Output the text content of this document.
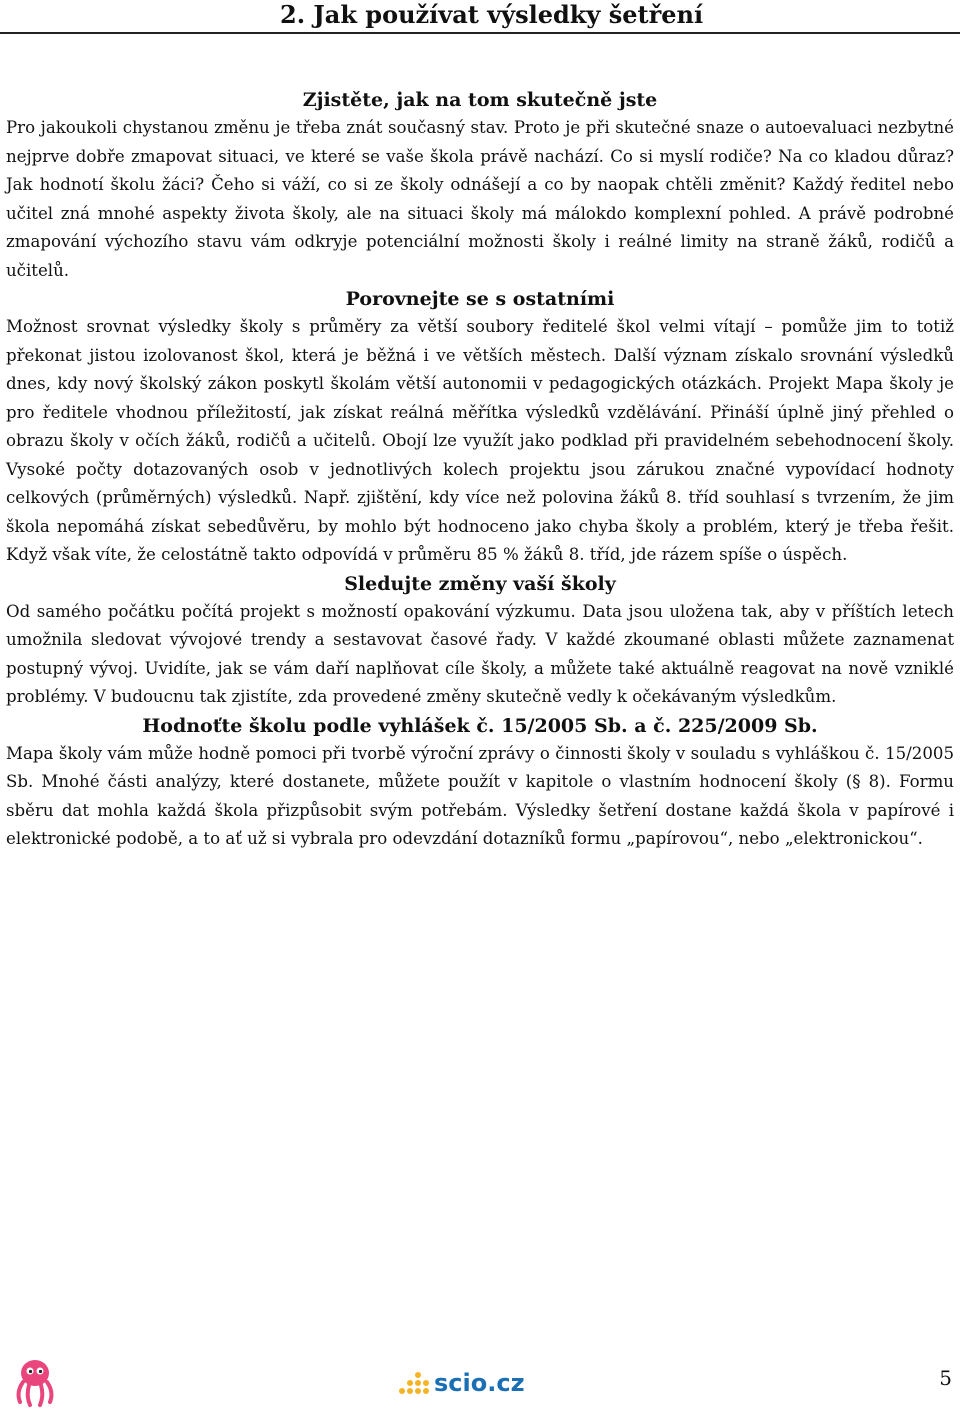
2. Jak používat výsledky šetření
Zjistěte, jak na tom skutečně jste

Pro jakoukoli chystanou změnu je třeba znát současný stav. Proto je při skutečné snaze o autoevaluaci nezbytné nejprve dobře zmapovat situaci, ve které se vaše škola právě nachází. Co si myslí rodiče? Na co kladou důraz? Jak hodnotí školu žáci? Čeho si váží, co si ze školy odnášejí a co by naopak chtěli změnit? Každý ředitel nebo učitel zná mnohé aspekty života školy, ale na situaci školy má málokdo komplexní pohled. A právě podrobné zmapování výchozího stavu vám odkryje potenciální možnosti školy i reálné limity na straně žáků, rodičů a učitelů.

Porovnejte se s ostatními

Možnost srovnat výsledky školy s průměry za větší soubory ředitelé škol velmi vítají – pomůže jim to totiž překonat jistou izolovanost škol, která je běžná i ve větších městech. Další význam získalo srovnání výsledků dnes, kdy nový školský zákon poskytl školám větší autonomii v pedagogických otázkách. Projekt Mapa školy je pro ředitele vhodnou příležitostí, jak získat reálná měřítka výsledků vzdělávání. Přináší úplně jiný přehled o obrazu školy v očích žáků, rodičů a učitelů. Obojí lze využít jako podklad při pravidelném sebehodnocení školy. Vysoké počty dotazovaných osob v jednotlivých kolech projektu jsou zárukou značné vypovídací hodnoty celkových (průměrných) výsledků. Např. zjištění, kdy více než polovina žáků 8. tříd souhlasí s tvrzením, že jim škola nepomáhá získat sebedůvěru, by mohlo být hodnoceno jako chyba školy a problém, který je třeba řešit. Když však víte, že celostátně takto odpovídá v průměru 85 % žáků 8. tříd, jde rázem spíše o úspěch.

Sledujte změny vaší školy

Od samého počátku počítá projekt s možností opakování výzkumu. Data jsou uložena tak, aby v příštích letech umožnila sledovat vývojové trendy a sestavovat časové řady. V každé zkoumané oblasti můžete zaznamenat postupný vývoj. Uvidíte, jak se vám daří naplňovat cíle školy, a můžete také aktuálně reagovat na nově vzniklé problémy. V budoucnu tak zjistíte, zda provedené změny skutečně vedly k očekávaným výsledkům.

Hodnoťte školu podle vyhlášek č. 15/2005 Sb. a č. 225/2009 Sb.

Mapa školy vám může hodně pomoci při tvorbě výroční zprávy o činnosti školy v souladu s vyhláškou č. 15/2005 Sb. Mnohé části analýzy, které dostanete, můžete použít v kapitole o vlastním hodnocení školy (§ 8). Formu sběru dat mohla každá škola přizpůsobit svým potřebám. Výsledky šetření dostane každá škola v papírové i elektronické podobě, a to ať už si vybrala pro odevzdání dotazníků formu „papírovou“, nebo „elektronickou“.

scio.cz	5
